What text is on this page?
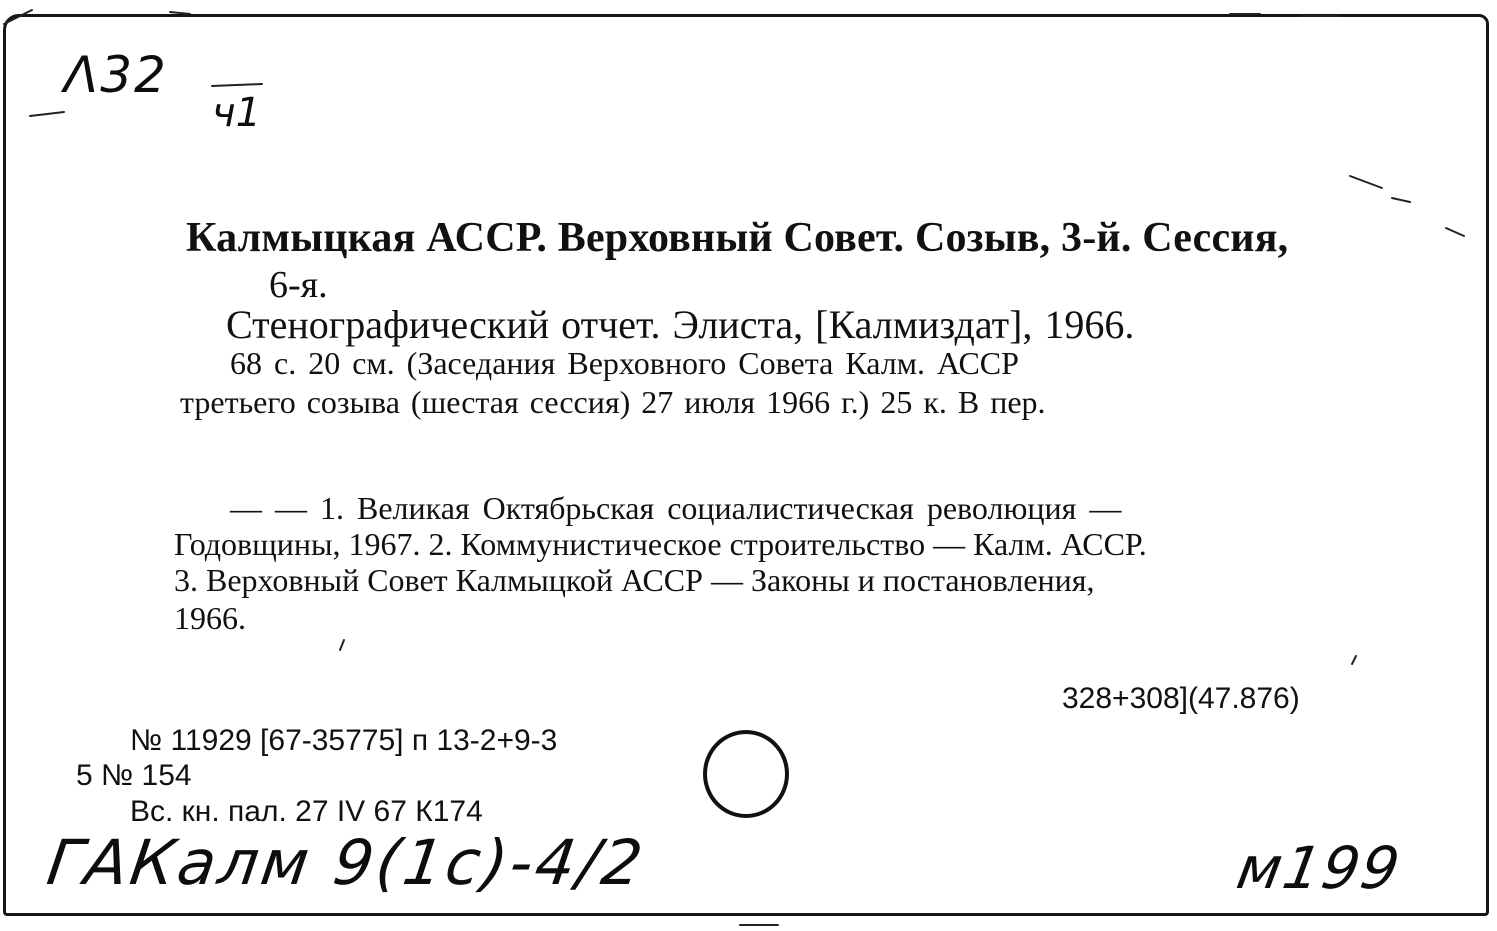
Λ32
ч1

Калмыцкая АССР. Верховный Совет. Созыв, 3-й. Сессия,

6-я.

Стенографический отчет. Элиста, [Калмиздат], 1966.

68 с. 20 см. (Заседания Верховного Совета Калм. АССР

третьего созыва (шестая сессия) 27 июля 1966 г.) 25 к. В пер.

— — 1. Великая Октябрьская социалистическая революция —

Годовщины, 1967. 2. Коммунистическое строительство — Калм. АССР.

3. Верховный Совет Калмыцкой АССР — Законы и постановления,

1966.

328+308](47.876)

№ 11929 [67-35775] п 13-2+9-3

5 № 154

Вс. кн. пал. 27 IV 67 К174

ГАКалм 9(1с)-4/2	м199
